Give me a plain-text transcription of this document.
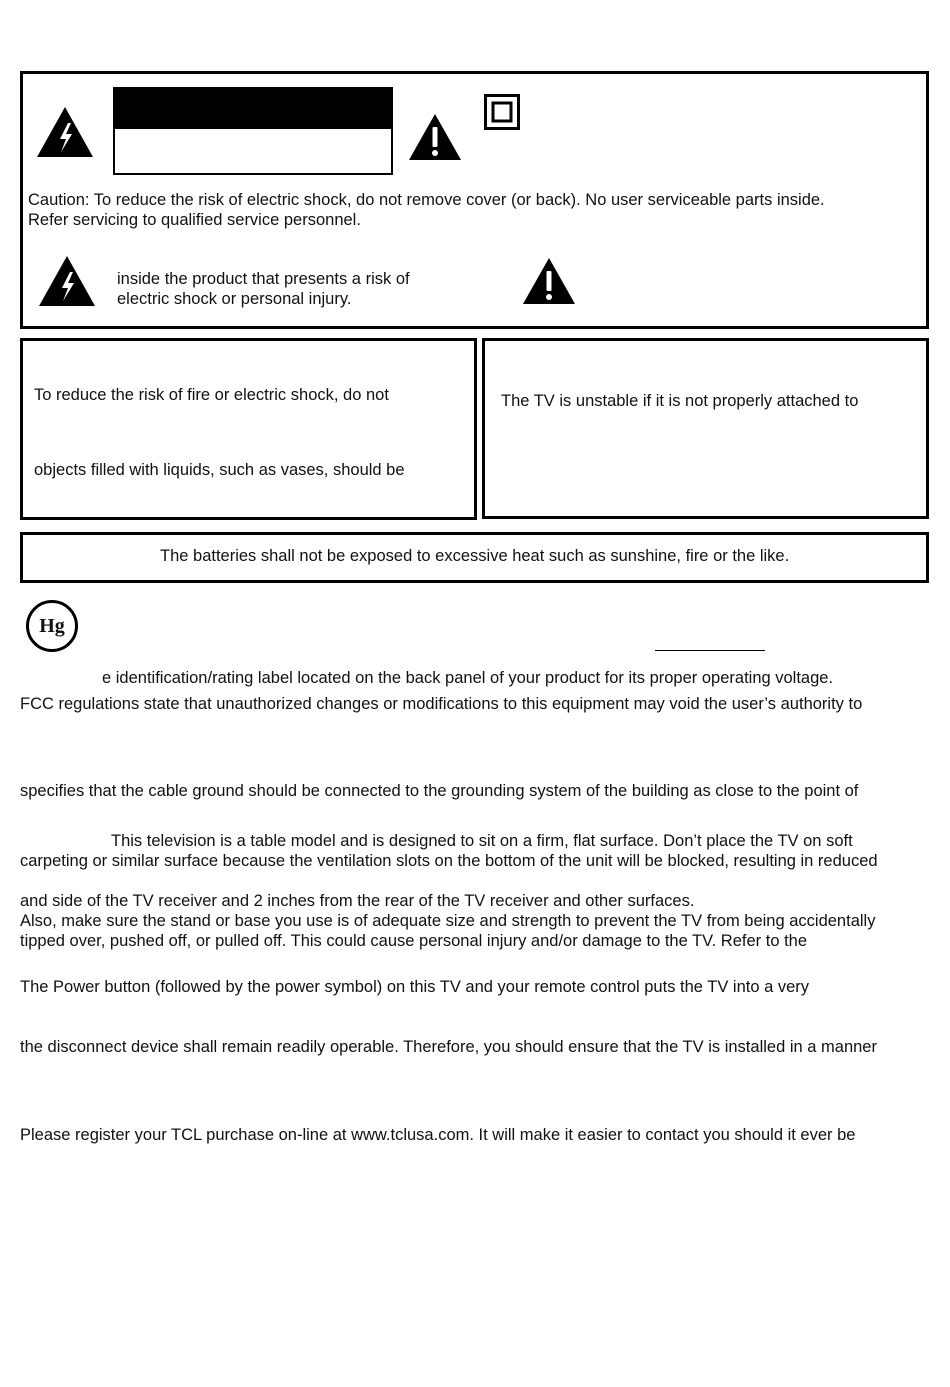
Caution: To reduce the risk of electric shock, do not remove cover (or back). No user serviceable parts inside.
Refer servicing to qualified service personnel.
inside the product that presents a risk of
electric shock or personal injury.
To reduce the risk of fire or electric shock, do not
objects filled with liquids, such as vases, should be
The TV is unstable if it is not properly attached to
The batteries shall not be exposed to excessive heat such as sunshine, fire or the like.
Hg
e identification/rating label located on the back panel of your product for its proper operating voltage.
FCC regulations state that unauthorized changes or modifications to this equipment may void the user’s authority to
specifies that the cable ground should be connected to the grounding system of the building as close to the point of
This television is a table model and is designed to sit on a firm, flat surface. Don’t place the TV on soft
carpeting or similar surface because the ventilation slots on the bottom of the unit will be blocked, resulting in reduced
and side of the TV receiver and 2 inches from the rear of the TV receiver and other surfaces.
Also, make sure the stand or base you use is of adequate size and strength to prevent the TV from being accidentally
tipped over, pushed off, or pulled off. This could cause personal injury and/or damage to the TV. Refer to the
The Power button (followed by the power symbol) on this TV and your remote control puts the TV into a very
the disconnect device shall remain readily operable. Therefore, you should ensure that the TV is installed in a manner
Please register your TCL purchase on-line at www.tclusa.com. It will make it easier to contact you should it ever be
